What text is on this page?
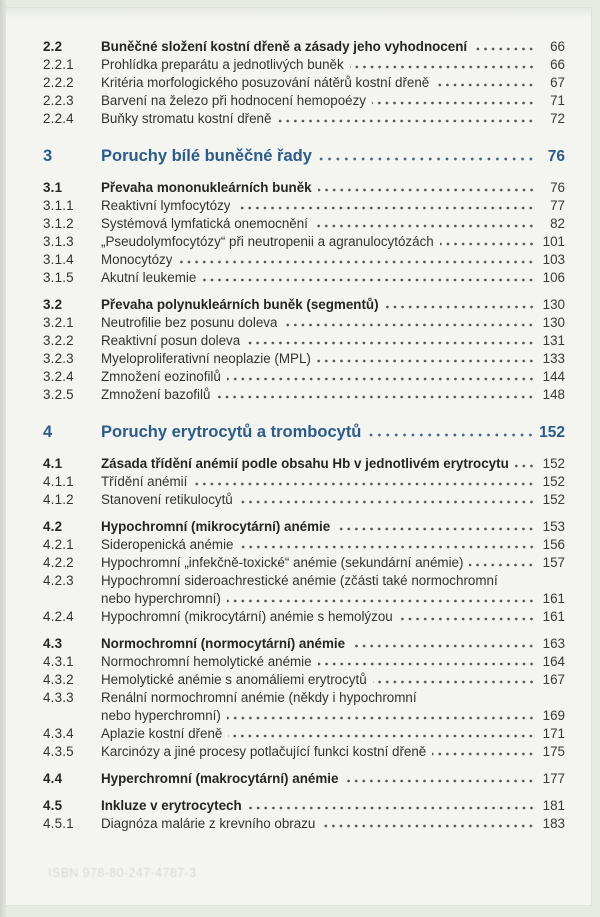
2.2	Buněčné složení kostní dřeně a zásady jeho vyhodnocení	66
2.2.1	Prohlídka preparátu a jednotlivých buněk	66
2.2.2	Kritéria morfologického posuzování nátěrů kostní dřeně	67
2.2.3	Barvení na železo při hodnocení hemopoézy	71
2.2.4	Buňky stromatu kostní dřeně	72
3	Poruchy bílé buněčné řady	76
3.1	Převaha mononukleárních buněk	76
3.1.1	Reaktivní lymfocytózy	77
3.1.2	Systémová lymfatická onemocnění	82
3.1.3	„Pseudolymfocytózy“ při neutropenii a agranulocytózách	101
3.1.4	Monocytózy	103
3.1.5	Akutní leukemie	106
3.2	Převaha polynukleárních buněk (segmentů)	130
3.2.1	Neutrofilie bez posunu doleva	130
3.2.2	Reaktivní posun doleva	131
3.2.3	Myeloproliferativní neoplazie (MPL)	133
3.2.4	Zmnožení eozinofilů	144
3.2.5	Zmnožení bazofilů	148
4	Poruchy erytrocytů a trombocytů	152
4.1	Zásada třídění anémií podle obsahu Hb v jednotlivém erytrocytu	152
4.1.1	Třídění anémií	152
4.1.2	Stanovení retikulocytů	152
4.2	Hypochromní (mikrocytární) anémie	153
4.2.1	Sideropenická anémie	156
4.2.2	Hypochromní „infekčně-toxické“ anémie (sekundární anémie)	157
4.2.3	Hypochromní sideroachrestické anémie (zčásti také normochromní
nebo hyperchromní)	161
4.2.4	Hypochromní (mikrocytární) anémie s hemolýzou	161
4.3	Normochromní (normocytární) anémie	163
4.3.1	Normochromní hemolytické anémie	164
4.3.2	Hemolytické anémie s anomáliemi erytrocytů	167
4.3.3	Renální normochromní anémie (někdy i hypochromní
nebo hyperchromní)	169
4.3.4	Aplazie kostní dřeně	171
4.3.5	Karcinózy a jiné procesy potlačující funkci kostní dřeně	175
4.4	Hyperchromní (makrocytární) anémie	177
4.5	Inkluze v erytrocytech	181
4.5.1	Diagnóza malárie z krevního obrazu	183
ISBN 978-80-247-4787-3
